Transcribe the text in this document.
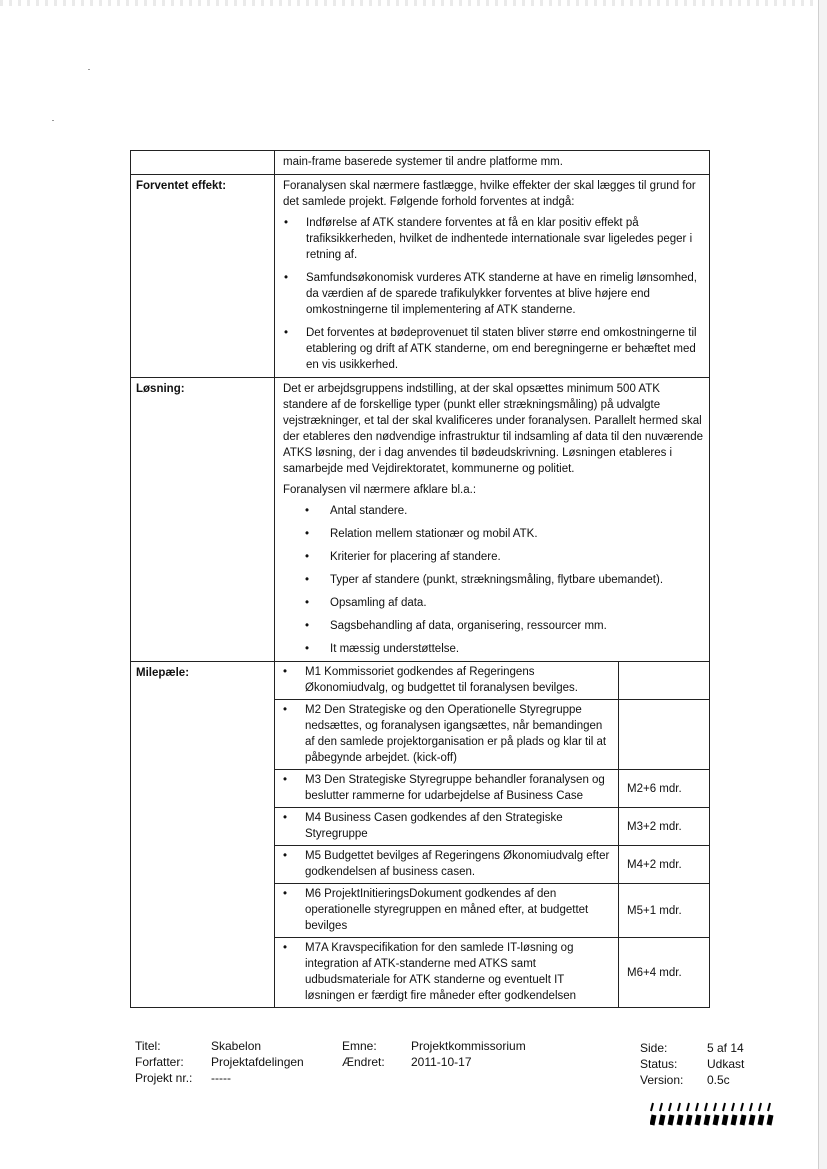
	main-frame baserede systemer til andre platforme mm.
Forventet effekt:	Foranalysen skal nærmere fastlægge, hvilke effekter der skal lægges til grund for det samlede projekt. Følgende forhold forventes at indgå:

• Indførelse af ATK standere forventes at få en klar positiv effekt på trafiksikkerheden, hvilket de indhentede internationale svar ligeledes peger i retning af.
• Samfundsøkonomisk vurderes ATK standerne at have en rimelig lønsomhed, da værdien af de sparede trafikulykker forventes at blive højere end omkostningerne til implementering af ATK standerne.
• Det forventes at bødeprovenuet til staten bliver større end omkostningerne til etablering og drift af ATK standerne, om end beregningerne er behæftet med en vis usikkerhed.

Løsning:	Det er arbejdsgruppens indstilling, at der skal opsættes minimum 500 ATK standere af de forskellige typer (punkt eller strækningsmåling) på udvalgte vejstrækninger, et tal der skal kvalificeres under foranalysen. Parallelt hermed skal der etableres den nødvendige infrastruktur til indsamling af data til den nuværende ATKS løsning, der i dag anvendes til bødeudskrivning. Løsningen etableres i samarbejde med Vejdirektoratet, kommunerne og politiet.

Foranalysen vil nærmere afklare bl.a.:

• Antal standere.
• Relation mellem stationær og mobil ATK.
• Kriterier for placering af standere.
• Typer af standere (punkt, strækningsmåling, flytbare ubemandet).
• Opsamling af data.
• Sagsbehandling af data, organisering, ressourcer mm.
• It mæssig understøttelse.

Milepæle:	
•	M1 Kommissoriet godkendes af Regeringens Økonomiudvalg, og budgettet til foranalysen bevilges.

• M2 Den Strategiske og den Operationelle Styregruppe nedsættes, og foranalysen igangsættes, når bemandingen af den samlede projektorganisation er på plads og klar til at påbegynde arbejdet. (kick-off)

• M3 Den Strategiske Styregruppe behandler foranalysen og beslutter rammerne for udarbejdelse af Business Case
	M2+6 mdr.

• M4 Business Casen godkendes af den Strategiske Styregruppe
	M3+2 mdr.

• M5 Budgettet bevilges af Regeringens Økonomiudvalg efter godkendelsen af business casen.
	M4+2 mdr.

• M6 ProjektInitieringsDokument godkendes af den operationelle styregruppen en måned efter, at budgettet bevilges
	M5+1 mdr.

• M7A Kravspecifikation for den samlede IT-løsning og integration af ATK-standerne med ATKS samt udbudsmateriale for ATK standerne og eventuelt IT løsningen er færdigt fire måneder efter godkendelsen
	M6+4 mdr.
Titel:
Forfatter:
Projekt nr.:
Skabelon
Projektafdelingen
-----
Emne:
Ændret:
Projektkommissorium
2011-10-17
Side:
Status:
Version:
5 af 14
Udkast
0.5c
